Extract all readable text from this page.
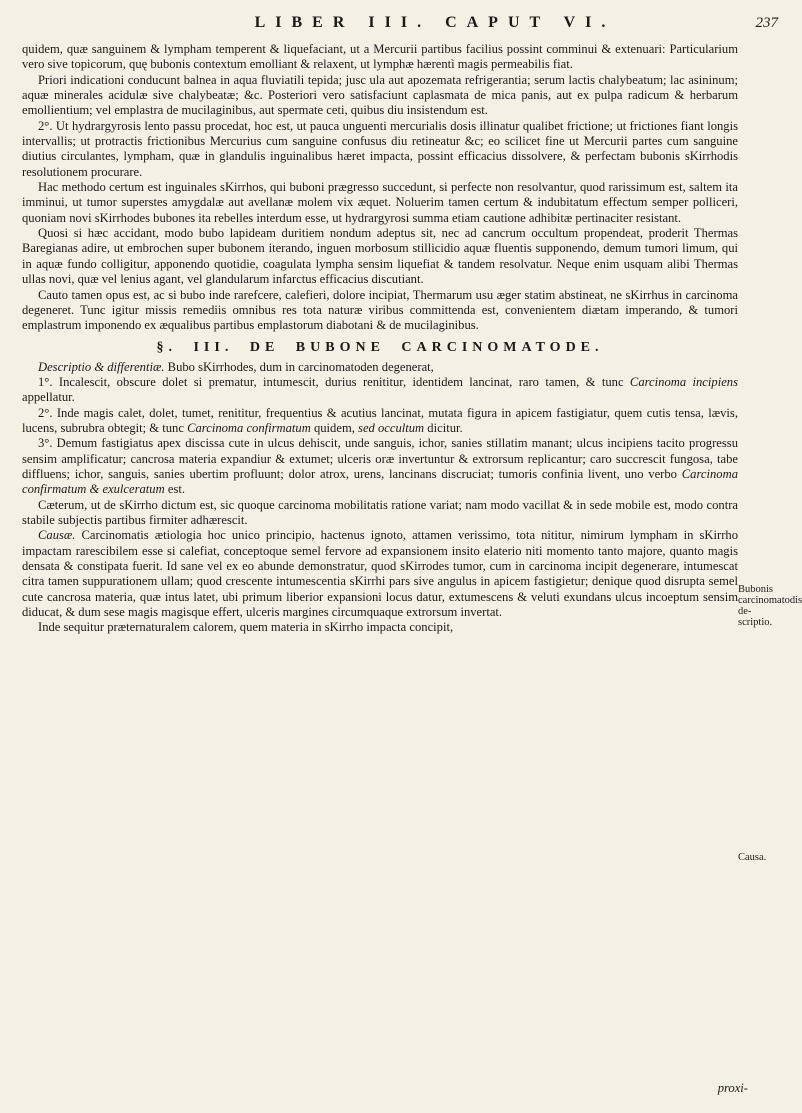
LIBER III. CAPUT VI.	237

quidem, quæ sanguinem & lympham temperent & liquefaciant, ut a Mercurii partibus facilius possint comminui & extenuari: Particularium vero sive topicorum, quę bubonis contextum emolliant & relaxent, ut lymphæ hærentì magis permeabilis fiat.

Priori indicationi conducunt balnea in aqua fluviatili tepida; jusc ula aut apozemata refrigerantia; serum lactis chalybeatum; lac asininum; aquæ minerales acidulæ sive chalybeatæ; &c. Posteriori vero satisfaciunt caplasmata de mica panis, aut ex pulpa radicum & herbarum emollientium; vel emplastra de mucilaginibus, aut spermate ceti, quibus diu insistendum est.

2°. Ut hydrargyrosis lento passu procedat, hoc est, ut pauca unguenti mercurialis dosis illinatur qualibet frictione; ut frictiones fiant longis intervallis; ut protractis frictionibus Mercurius cum sanguine confusus diu retineatur &c; eo scilicet fine ut Mercurii partes cum sanguine diutius circulantes, lympham, quæ in glandulis inguinalibus hæret impacta, possint efficacius dissolvere, & perfectam bubonis sKirrhodis resolutionem procurare.

Hac methodo certum est inguinales sKirrhos, qui buboni prægresso succedunt, si perfecte non resolvantur, quod rarissimum est, saltem ita imminui, ut tumor superstes amygdalæ aut avellanæ molem vix æquet. Noluerim tamen certum & indubitatum effectum semper polliceri, quoniam novi sKirrhodes bubones ita rebelles interdum esse, ut hydrargyrosi summa etiam cautione adhibitæ pertinaciter resistant.

Quosi si hæc accidant, modo bubo lapideam duritiem nondum adeptus sit, nec ad cancrum occultum propendeat, proderit Thermas Baregianas adire, ut embrochen super bubonem iterando, inguen morbosum stillicidio aquæ fluentis supponendo, demum tumori limum, qui in aquæ fundo colligitur, apponendo quotidie, coagulata lympha sensim liquefiat & tandem resolvatur. Neque enim usquam alibi Thermas ullas novi, quæ vel lenius agant, vel glandularum infarctus efficacius discutiant.

Cauto tamen opus est, ac si bubo inde rarefcere, calefieri, dolore incipiat, Thermarum usu æger statim abstineat, ne sKirrhus in carcinoma degeneret. Tunc igitur missis remediis omnibus res tota naturæ viribus committenda est, convenientem diætam imperando, & tumori emplastrum imponendo ex æqualibus partibus emplastorum diabotani & de mucilaginibus.

§. III. DE BUBONE CARCINOMATODE.

Descriptio & differentiæ. Bubo sKirrhodes, dum in carcinomatoden degenerat,

1°. Incalescit, obscure dolet si prematur, intumescit, durius renititur, identidem lancinat, raro tamen, & tunc Carcinoma incipiens appellatur.

2°. Inde magis calet, dolet, tumet, renititur, frequentius & acutius lancinat, mutata figura in apicem fastigiatur, quem cutis tensa, lævis, lucens, subrubra obtegit; & tunc Carcinoma confirmatum quidem, sed occultum dicitur.

3°. Demum fastigiatus apex discissa cute in ulcus dehiscit, unde sanguis, ichor, sanies stillatim manant; ulcus incipiens tacito progressu sensim amplificatur; cancrosa materia expandiur & extumet; ulceris oræ invertuntur & extrorsum replicantur; caro succrescit fungosa, tabe diffluens; ichor, sanguis, sanies ubertim profluunt; dolor atrox, urens, lancinans discruciat; tumoris confinia livent, uno verbo Carcinoma confirmatum & exulceratum est.

Cæterum, ut de sKirrho dictum est, sic quoque carcinoma mobilitatis ratione variat; nam modo vacillat & in sede mobile est, modo contra stabile subjectis partibus firmiter adhærescit.

Causæ. Carcinomatis ætiologia hoc unico principio, hactenus ignoto, attamen verissimo, tota nititur, nimirum lympham in sKirrho impactam rarescibilem esse si calefiat, conceptoque semel fervore ad expansionem insito elaterio niti momento tanto majore, quanto magis densata & constipata fuerit. Id sane vel ex eo abunde demonstratur, quod sKirrodes tumor, cum in carcinoma incipit degenerare, intumescat citra tamen suppurationem ullam; quod crescente intumescentia sKirrhi pars sive angulus in apicem fastigietur; denique quod disrupta semel cute cancrosa materia, quæ intus latet, ubi primum liberior expansioni locus datur, extumescens & veluti exundans ulcus incoeptum sensim diducat, & dum sese magis magisque effert, ulceris margines circumquaque extrorsum invertat.

Inde sequitur præternaturalem calorem, quem materia in sKirrho impacta concipit,

Bubonis carcinomatodis de-scriptio.
Causa.
proxi-
